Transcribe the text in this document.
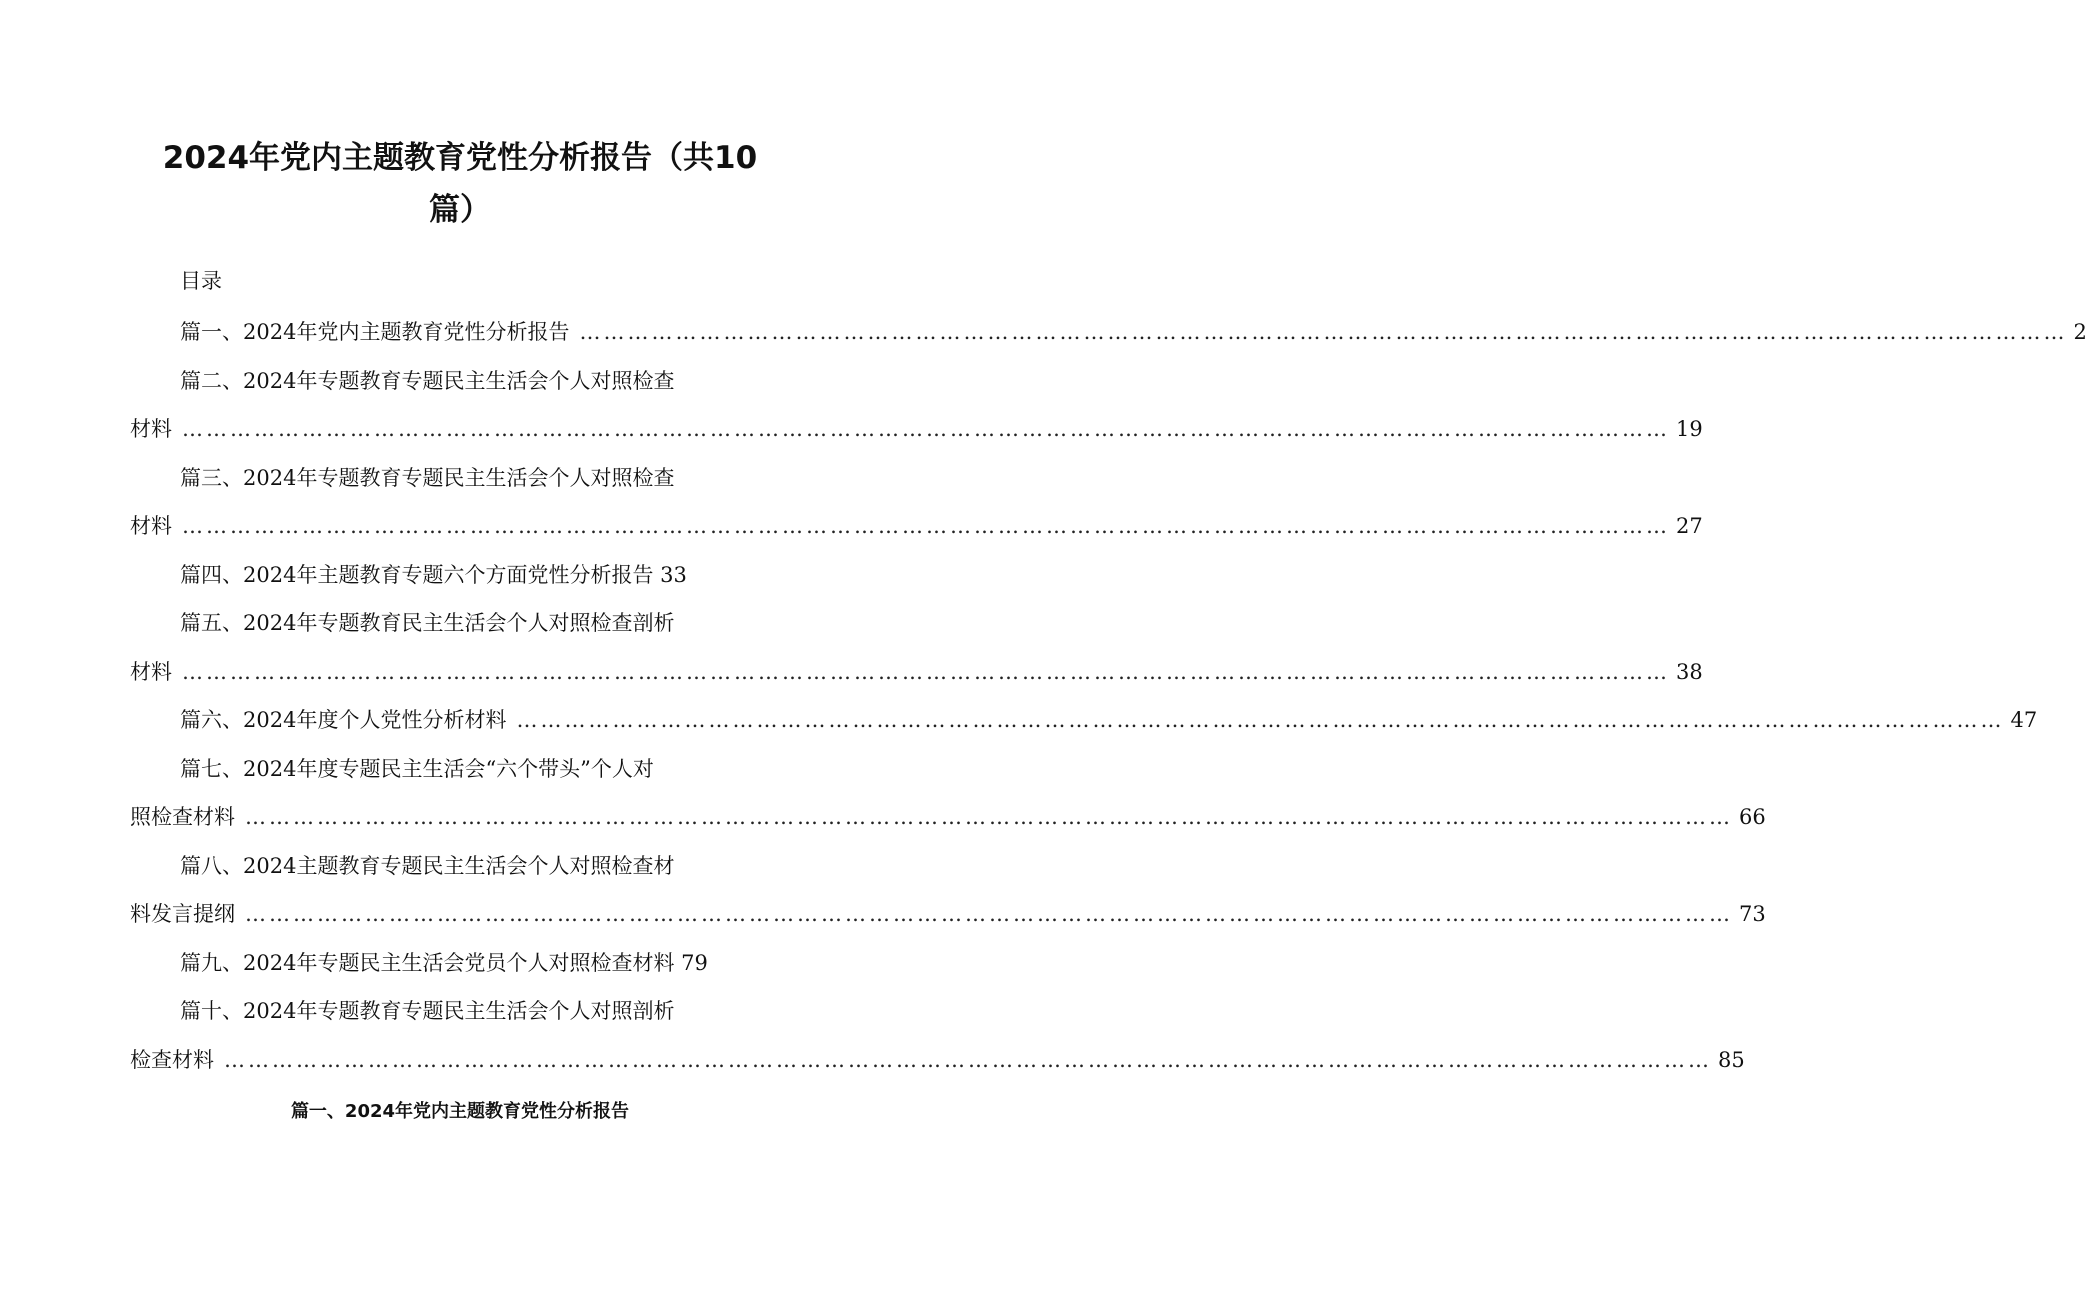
2024年党内主题教育党性分析报告（共10
篇）
目录
篇一、2024年党内主题教育党性分析报告 …………………………………………………………………………………………………………………………………………………………………… 2
篇二、2024年专题教育专题民主生活会个人对照检查
材料 …………………………………………………………………………………………………………………………………………………………………… 19
篇三、2024年专题教育专题民主生活会个人对照检查
材料 …………………………………………………………………………………………………………………………………………………………………… 27
篇四、2024年主题教育专题六个方面党性分析报告 33
篇五、2024年专题教育民主生活会个人对照检查剖析
材料 …………………………………………………………………………………………………………………………………………………………………… 38
篇六、2024年度个人党性分析材料 …………………………………………………………………………………………………………………………………………………………………… 47
篇七、2024年度专题民主生活会“六个带头”个人对
照检查材料 …………………………………………………………………………………………………………………………………………………………………… 66
篇八、2024主题教育专题民主生活会个人对照检查材
料发言提纲 …………………………………………………………………………………………………………………………………………………………………… 73
篇九、2024年专题民主生活会党员个人对照检查材料 79
篇十、2024年专题教育专题民主生活会个人对照剖析
检查材料 …………………………………………………………………………………………………………………………………………………………………… 85
篇一、2024年党内主题教育党性分析报告
